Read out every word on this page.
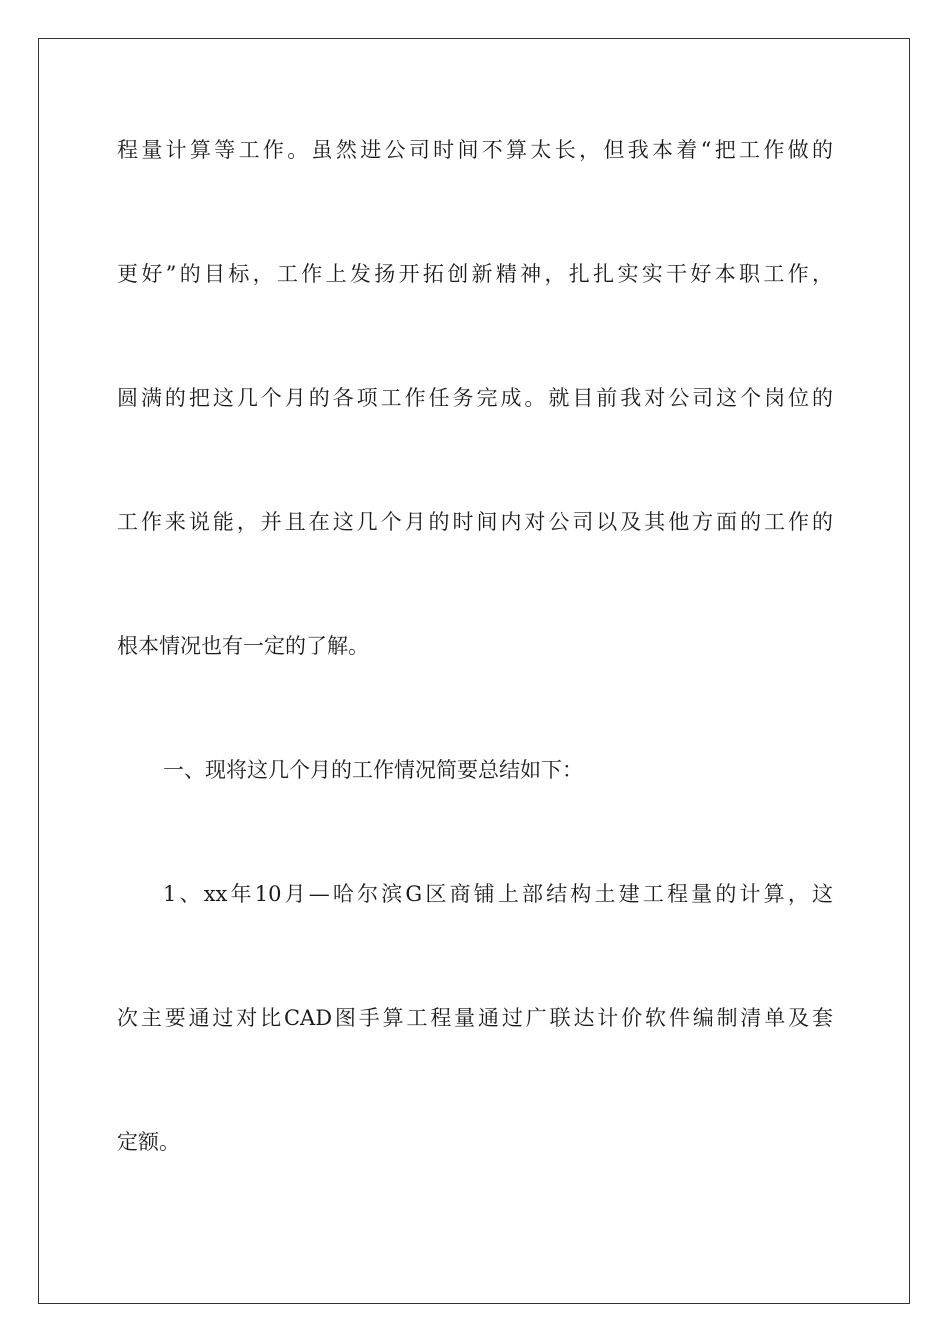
程量计算等工作。虽然进公司时间不算太长，但我本着“把工作做的
更好”的目标，工作上发扬开拓创新精神，扎扎实实干好本职工作，
圆满的把这几个月的各项工作任务完成。就目前我对公司这个岗位的
工作来说能，并且在这几个月的时间内对公司以及其他方面的工作的
根本情况也有一定的了解。
一、现将这几个月的工作情况简要总结如下：
1、xx年10月—哈尔滨G区商铺上部结构土建工程量的计算，这
次主要通过对比CAD图手算工程量通过广联达计价软件编制清单及套
定额。
